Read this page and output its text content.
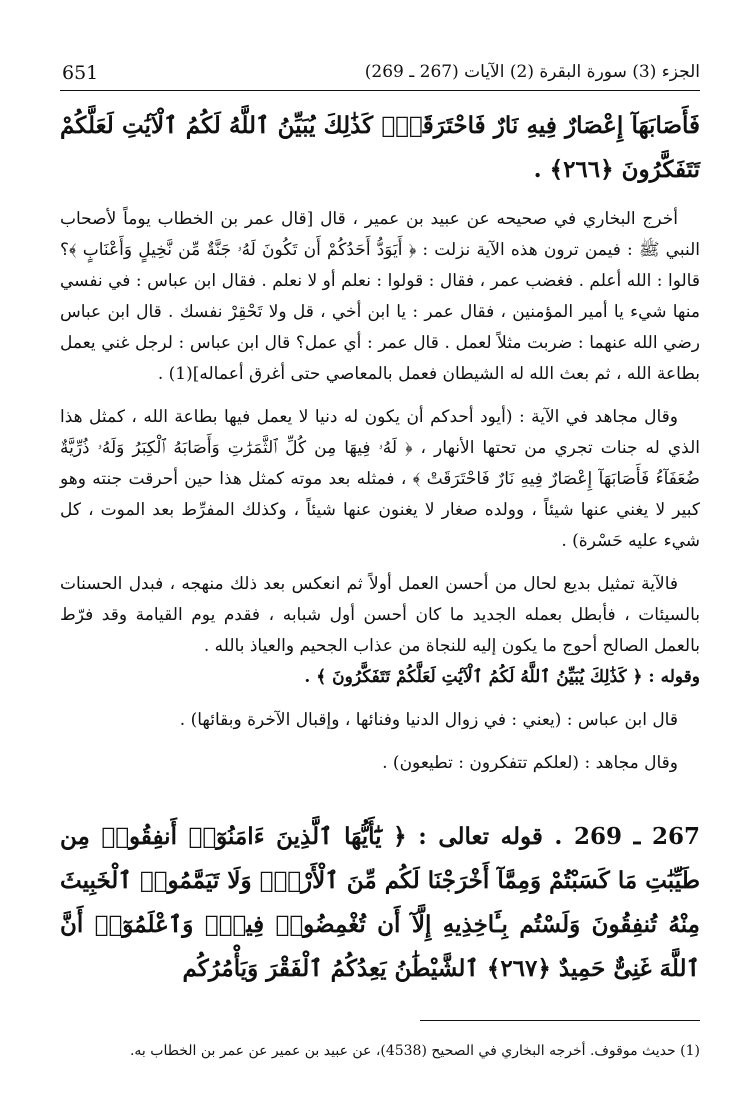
651	الجزء (3) سورة البقرة (2) الآيات (267 ـ 269)
فَأَصَابَهَآ إِعْصَارٌ فِيهِ نَارٌ فَاحْتَرَقَتْۗ كَذَٰلِكَ يُبَيِّنُ ٱللَّهُ لَكُمُ ٱلْآيَٰتِ لَعَلَّكُمْ تَتَفَكَّرُونَ ﴿٢٦٦﴾ .

أخرج البخاري في صحيحه عن عبيد بن عمير ، قال [قال عمر بن الخطاب يوماً لأصحاب النبي ﷺ : فيمن ترون هذه الآية نزلت : ﴿ أَيَوَدُّ أَحَدُكُمْ أَن تَكُونَ لَهُۥ جَنَّةٌ مِّن نَّخِيلٍ وَأَعْنَابٍ ﴾؟ قالوا : الله أعلم . فغضب عمر ، فقال : قولوا : نعلم أو لا نعلم . فقال ابن عباس : في نفسي منها شيء يا أمير المؤمنين ، فقال عمر : يا ابن أخي ، قل ولا تَحْقِرْ نفسك . قال ابن عباس رضي الله عنهما : ضربت مثلاً لعمل . قال عمر : أي عمل؟ قال ابن عباس : لرجل غني يعمل بطاعة الله ، ثم بعث الله له الشيطان فعمل بالمعاصي حتى أغرق أعماله](1) .

وقال مجاهد في الآية : (أيود أحدكم أن يكون له دنيا لا يعمل فيها بطاعة الله ، كمثل هذا الذي له جنات تجري من تحتها الأنهار ، ﴿ لَهُۥ فِيهَا مِن كُلِّ ٱلثَّمَرَٰتِ وَأَصَابَهُ ٱلْكِبَرُ وَلَهُۥ ذُرِّيَّةٌ ضُعَفَآءُ فَأَصَابَهَآ إِعْصَارٌ فِيهِ نَارٌ فَاحْتَرَقَتْ ﴾ ، فمثله بعد موته كمثل هذا حين أحرقت جنته وهو كبير لا يغني عنها شيئاً ، وولده صغار لا يغنون عنها شيئاً ، وكذلك المفرِّط بعد الموت ، كل شيء عليه حَسْرة) .

فالآية تمثيل بديع لحال من أحسن العمل أولاً ثم انعكس بعد ذلك منهجه ، فبدل الحسنات بالسيئات ، فأبطل بعمله الجديد ما كان أحسن أول شبابه ، فقدم يوم القيامة وقد فرّط بالعمل الصالح أحوج ما يكون إليه للنجاة من عذاب الجحيم والعياذ بالله .

وقوله : ﴿ كَذَٰلِكَ يُبَيِّنُ ٱللَّهُ لَكُمُ ٱلْآيَٰتِ لَعَلَّكُمْ تَتَفَكَّرُونَ ﴾ .

قال ابن عباس : (يعني : في زوال الدنيا وفنائها ، وإقبال الآخرة وبقائها) .

وقال مجاهد : (لعلكم تتفكرون : تطيعون) .

267 ـ 269 . قوله تعالى : ﴿ يَٰٓأَيُّهَا ٱلَّذِينَ ءَامَنُوٓا۟ أَنفِقُوا۟ مِن طَيِّبَٰتِ مَا كَسَبْتُمْ وَمِمَّآ أَخْرَجْنَا لَكُم مِّنَ ٱلْأَرْضِۖ وَلَا تَيَمَّمُوا۟ ٱلْخَبِيثَ مِنْهُ تُنفِقُونَ وَلَسْتُم بِـَٔاخِذِيهِ إِلَّآ أَن تُغْمِضُوا۟ فِيهِۚ وَٱعْلَمُوٓا۟ أَنَّ ٱللَّهَ غَنِىٌّ حَمِيدٌ ﴿٢٦٧﴾ ٱلشَّيْطَٰنُ يَعِدُكُمُ ٱلْفَقْرَ وَيَأْمُرُكُم
(1) حديث موقوف. أخرجه البخاري في الصحيح (4538)، عن عبيد بن عمير عن عمر بن الخطاب به.
